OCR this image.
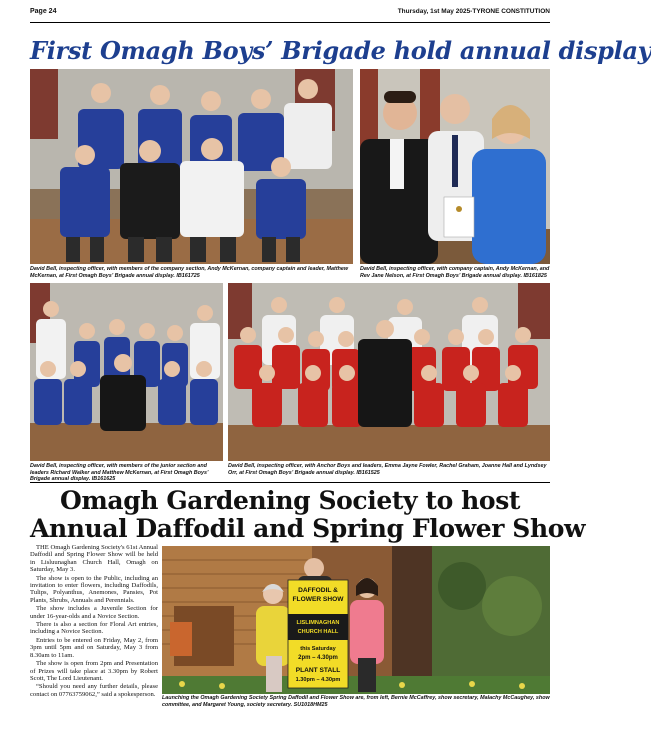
Page 24	Thursday, 1st May 2025-TYRONE CONSTITUTION
First Omagh Boys’ Brigade hold annual display
David Bell, inspecting officer, with members of the company section, Andy McKernan, company captain and leader, Matthew McKernan, at First Omagh Boys’ Brigade annual display. IB161725
David Bell, inspecting officer, with company captain, Andy McKernan, and Rev Jane Nelson, at First Omagh Boys’ Brigade annual display. IB161825
David Bell, inspecting officer, with members of the junior section and leaders Richard Walker and Matthew McKernan, at First Omagh Boys’ Brigade annual display. IB161625
David Bell, inspecting officer, with Anchor Boys and leaders, Emma Jayne Fowler, Rachel Graham, Joanne Hall and Lyndsey Orr, at First Omagh Boys’ Brigade annual display. IB161525
Omagh Gardening Society to host
Annual Daffodil and Spring Flower Show

THE Omagh Gardening Society's 61st Annual Daffodil and Spring Flower Show will be held in Lisluunaghan Church Hall, Omagh on Saturday, May 3.

The show is open to the Public, including an invitation to enter flowers, including Daffodils, Tulips, Polyanthus, Anemones, Pansies, Pot Plants, Shrubs, Annuals and Perennials.

The show includes a Juvenile Section for under 16-year-olds and a Novice Section.

There is also a section for Floral Art entries, including a Novice Section.

Entries to be entered on Friday, May 2, from 3pm until 5pm and on Saturday, May 3 from 8.30am to 11am.

The show is open from 2pm and Presentation of Prizes will take place at 3.30pm by Robert Scott, The Lord Lieutenant.

“Should you need any further details, please contact on 07763759062,” said a spokesperson.

DAFFODIL &
FLOWER SHOW
LISLIMNAGHAN
CHURCH HALL
this Saturday
2pm – 4.30pm
PLANT STALL
1.30pm – 4.30pm
Launching the Omagh Gardening Society Spring Daffodil and Flower Show are, from left, Bernie McCaffrey, show secretary, Malachy McCaughey, show committee, and Margaret Young, society secretary. SU1018HM25
